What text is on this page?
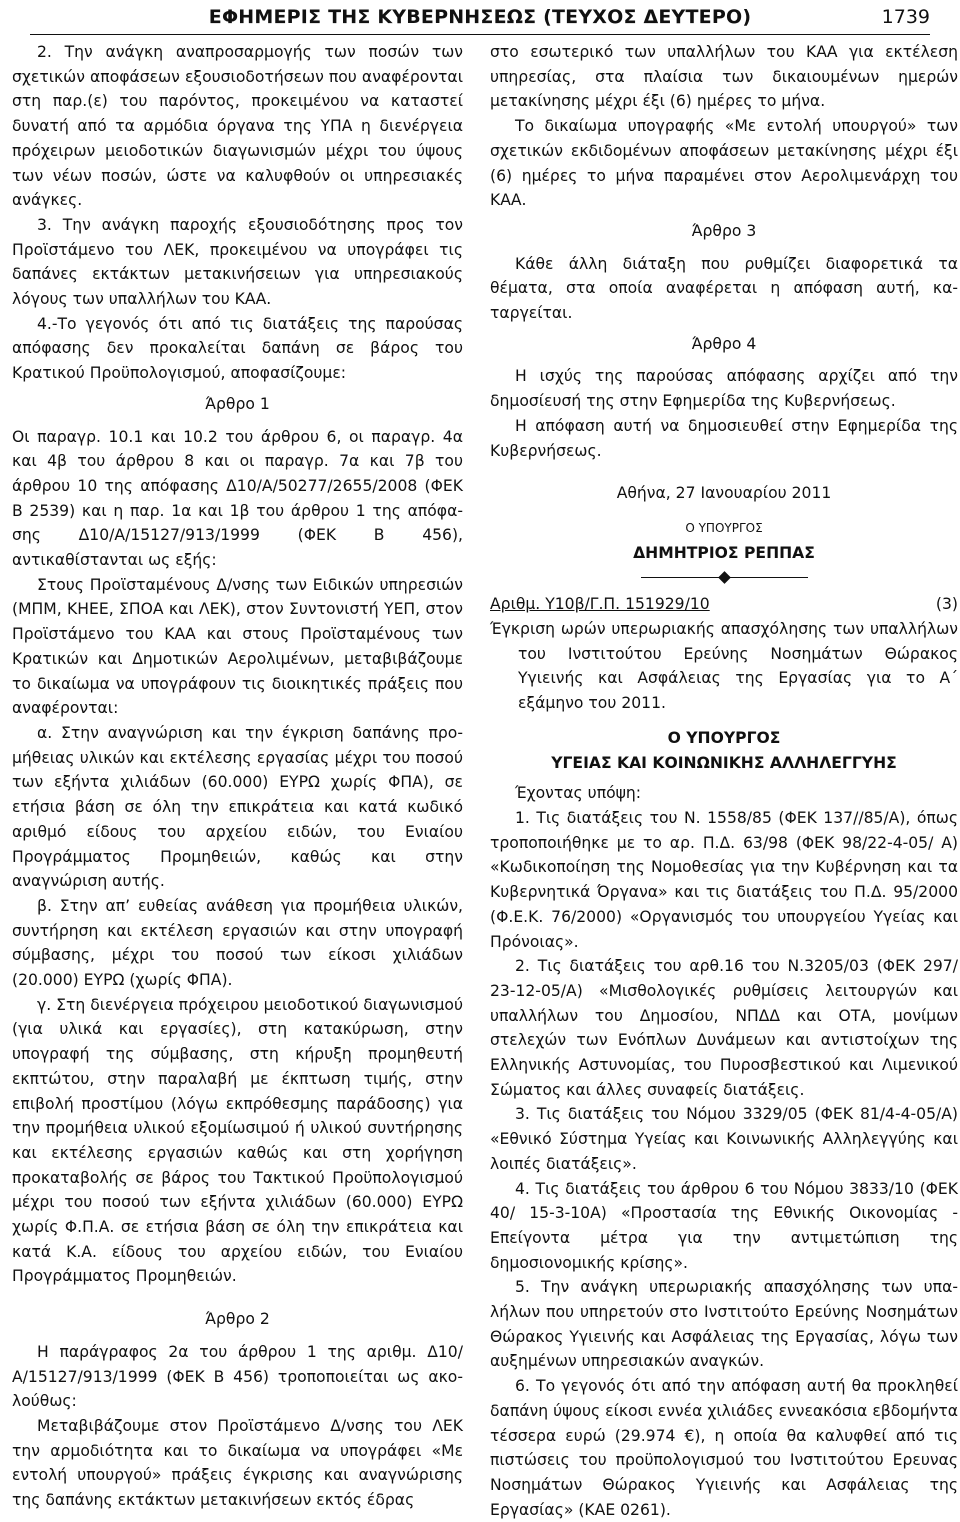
ΕΦΗΜΕΡΙΣ ΤΗΣ ΚΥΒΕΡΝΗΣΕΩΣ (ΤΕΥΧΟΣ ΔΕΥΤΕΡΟ)	1739

2. Την ανάγκη αναπροσαρμογής των ποσών των σχετικών αποφάσεων εξουσιοδοτήσεων που αναφέρονται στη παρ.(ε) του παρόντος, προκειμένου να καταστεί δυνατή από τα αρμόδια όργανα της ΥΠΑ η διενέργεια πρόχειρων μειοδοτικών διαγωνισμών μέχρι του ύψους των νέων ποσών, ώστε να καλυφθούν οι υπηρεσιακές ανάγκες.

3. Την ανάγκη παροχής εξουσιοδότησης προς τον Προϊστάμενο του ΛΕΚ, προκειμένου να υπογράφει τις δαπάνες εκτάκτων μετακινήσειων για υπηρεσιακούς λόγους των υπαλλήλων του ΚΑΑ.

4.-Το γεγονός ότι από τις διατάξεις της παρούσας απόφασης δεν προκαλείται δαπάνη σε βάρος του Κρατικού Προϋπολογισμού, αποφασίζουμε:

Άρθρο 1

Οι παραγρ. 10.1 και 10.2 του άρθρου 6, οι παραγρ. 4α και 4β του άρθρου 8 και οι παραγρ. 7α και 7β του άρθρου 10 της απόφασης Δ10/Α/50277/2655/2008 (ΦΕΚ Β 2539) και η παρ. 1α και 1β του άρθρου 1 της απόφασης Δ10/Α/15127/913/1999 (ΦΕΚ Β 456), αντικαθίστανται ως εξής:

Στους Προϊσταμένους Δ/νσης των Ειδικών υπηρεσιών (ΜΠΜ, ΚΗΕΕ, ΣΠΟΑ και ΛΕΚ), στον Συντονιστή ΥΕΠ, στον Προϊστάμενο του ΚΑΑ και στους Προϊσταμένους των Κρατικών και Δημοτικών Αερολιμένων, μεταβιβάζουμε το δικαίωμα να υπογράφουν τις διοικητικές πράξεις που αναφέρονται:

α. Στην αναγνώριση και την έγκριση δαπάνης προμήθειας υλικών και εκτέλεσης εργασίας μέχρι του ποσού των εξήντα χιλιάδων (60.000) ΕΥΡΩ χωρίς ΦΠΑ), σε ετήσια βάση σε όλη την επικράτεια και κατά κωδικό αριθμό είδους του αρχείου ειδών, του Ενιαίου Προγράμματος Προμηθειών, καθώς και στην αναγνώριση αυτής.

β. Στην απ’ ευθείας ανάθεση για προμήθεια υλικών, συντήρηση και εκτέλεση εργασιών και στην υπογραφή σύμβασης, μέχρι του ποσού των είκοσι χιλιάδων (20.000) ΕΥΡΩ (χωρίς ΦΠΑ).

γ. Στη διενέργεια πρόχειρου μειοδοτικού διαγωνισμού (για υλικά και εργασίες), στη κατακύρωση, στην υπογραφή της σύμβασης, στη κήρυξη προμηθευτή εκπτώτου, στην παραλαβή με έκπτωση τιμής, στην επιβολή προστίμου (λόγω εκπρόθεσμης παράδοσης) για την προμήθεια υλικού εξομίωσιμού ή υλικού συντήρησης και εκτέλεσης εργασιών καθώς και στη χορήγηση προκαταβολής σε βάρος του Τακτικού Προϋπολογισμού μέχρι του ποσού των εξήντα χιλιάδων (60.000) ΕΥΡΩ χωρίς Φ.Π.Α. σε ετήσια βάση σε όλη την επικράτεια και κατά Κ.Α. είδους του αρχείου ειδών, του Ενιαίου Προγράμματος Προμηθειών.

Άρθρο 2

Η παράγραφος 2α του άρθρου 1 της αριθμ. Δ10/ Α/15127/913/1999 (ΦΕΚ Β 456) τροποποιείται ως ακολούθως:

Μεταβιβάζουμε στον Προϊστάμενο Δ/νσης του ΛΕΚ την αρμοδιότητα και το δικαίωμα να υπογράφει «Με εντολή υπουργού» πράξεις έγκρισης και αναγνώρισης της δαπάνης εκτάκτων μετακινήσεων εκτός έδρας

στο εσωτερικό των υπαλλήλων του ΚΑΑ για εκτέλεση υπηρεσίας, στα πλαίσια των δικαιουμένων ημερών μετακίνησης μέχρι έξι (6) ημέρες το μήνα.

Το δικαίωμα υπογραφής «Με εντολή υπουργού» των σχετικών εκδιδομένων αποφάσεων μετακίνησης μέχρι έξι (6) ημέρες το μήνα παραμένει στον Αερολιμενάρχη του ΚΑΑ.

Άρθρο 3

Κάθε άλλη διάταξη που ρυθμίζει διαφορετικά τα θέματα, στα οποία αναφέρεται η απόφαση αυτή, καταργείται.

Άρθρο 4

Η ισχύς της παρούσας απόφασης αρχίζει από την δημοσίευσή της στην Εφημερίδα της Κυβερνήσεως.

Η απόφαση αυτή να δημοσιευθεί στην Εφημερίδα της Κυβερνήσεως.

Αθήνα, 27 Ιανουαρίου 2011

Ο ΥΠΟΥΡΓΟΣ

ΔΗΜΗΤΡΙΟΣ ΡΕΠΠΑΣ

Αριθμ. Υ10β/Γ.Π. 151929/10	(3)

Έγκριση ωρών υπερωριακής απασχόλησης των υπαλλήλων του Ινστιτούτου Ερεύνης Νοσημάτων Θώρακος Υγιεινής και Ασφάλειας της Εργασίας για το Α΄ εξάμηνο του 2011.

Ο ΥΠΟΥΡΓΟΣ

ΥΓΕΙΑΣ ΚΑΙ ΚΟΙΝΩΝΙΚΗΣ ΑΛΛΗΛΕΓΓΥΗΣ

Έχοντας υπόψη:

1. Τις διατάξεις του Ν. 1558/85 (ΦΕΚ 137//85/Α), όπως τροποποιήθηκε με το αρ. Π.Δ. 63/98 (ΦΕΚ 98/22-4-05/ Α) «Κωδικοποίηση της Νομοθεσίας για την Κυβέρνηση και τα Κυβερνητικά Όργανα» και τις διατάξεις του Π.Δ. 95/2000 (Φ.Ε.Κ. 76/2000) «Οργανισμός του υπουργείου Υγείας και Πρόνοιας».

2. Τις διατάξεις του αρθ.16 του Ν.3205/03 (ΦΕΚ 297/ 23-12-05/Α) «Μισθολογικές ρυθμίσεις λειτουργών και υπαλλήλων του Δημοσίου, ΝΠΔΔ και ΟΤΑ, μονίμων στελεχών των Ενόπλων Δυνάμεων και αντιστοίχων της Ελληνικής Αστυνομίας, του Πυροσβεστικού και Λιμενικού Σώματος και άλλες συναφείς διατάξεις.

3. Τις διατάξεις του Νόμου 3329/05 (ΦΕΚ 81/4-4-05/Α) «Εθνικό Σύστημα Υγείας και Κοινωνικής Αλληλεγγύης και λοιπές διατάξεις».

4. Τις διατάξεις του άρθρου 6 του Νόμου 3833/10 (ΦΕΚ 40/ 15-3-10Α) «Προστασία της Εθνικής Οικονομίας - Επείγοντα μέτρα για την αντιμετώπιση της δημοσιονομικής κρίσης».

5. Την ανάγκη υπερωριακής απασχόλησης των υπαλήλων που υπηρετούν στο Ινστιτούτο Ερεύνης Νοσημάτων Θώρακος Υγιεινής και Ασφάλειας της Εργασίας, λόγω των αυξημένων υπηρεσιακών αναγκών.

6. Το γεγονός ότι από την απόφαση αυτή θα προκληθεί δαπάνη ύψους είκοσι εννέα χιλιάδες εννεακόσια εβδομήντα τέσσερα ευρώ (29.974 €), η οποία θα καλυφθεί από τις πιστώσεις του προϋπολογισμού του Ινστιτούτου Ερευνας Νοσημάτων Θώρακος Υγιεινής και Ασφάλειας της Εργασίας» (ΚΑΕ 0261).
